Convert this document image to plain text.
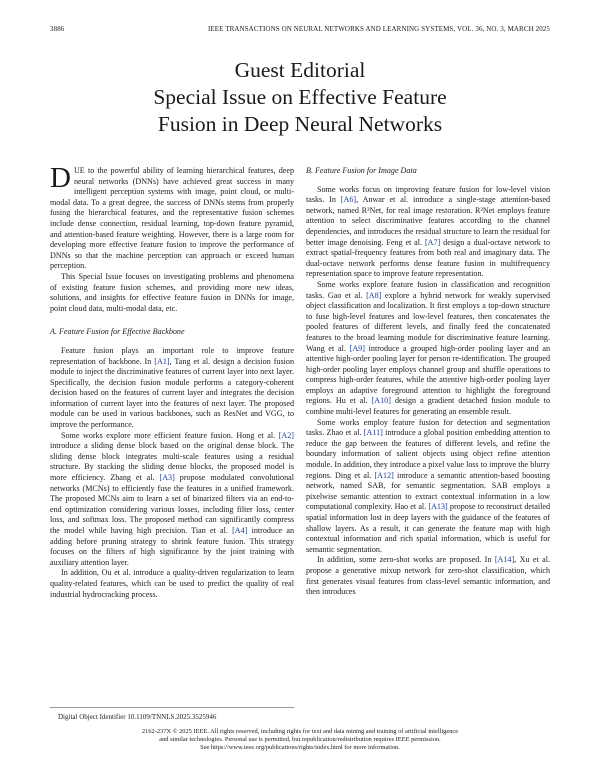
3886	IEEE TRANSACTIONS ON NEURAL NETWORKS AND LEARNING SYSTEMS, VOL. 36, NO. 3, MARCH 2025
Guest Editorial
Special Issue on Effective Feature
Fusion in Deep Neural Networks

DUE to the powerful ability of learning hierarchical features, deep neural networks (DNNs) have achieved great success in many intelligent perception systems with image, point cloud, or multi-modal data. To a great degree, the success of DNNs stems from properly fusing the hierarchical features, and the representative fusion schemes include dense connection, residual learning, top-down feature pyramid, and attention-based feature weighting. However, there is a large room for developing more effective feature fusion to improve the performance of DNNs so that the machine perception can approach or exceed human perception.

This Special Issue focuses on investigating problems and phenomena of existing feature fusion schemes, and providing more new ideas, solutions, and insights for effective feature fusion in DNNs for image, point cloud data, multi-modal data, etc.

A. Feature Fusion for Effective Backbone

Feature fusion plays an important role to improve feature representation of backbone. In [A1], Tang et al. design a decision fusion module to inject the discriminative features of current layer into next layer. Specifically, the decision fusion module performs a category-coherent decision based on the features of current layer and integrates the decision information of current layer into the features of next layer. The proposed module can be used in various backbones, such as ResNet and VGG, to improve the performance.

Some works explore more efficient feature fusion. Hong et al. [A2] introduce a sliding dense block based on the original dense block. The sliding dense block integrates multi-scale features using a residual structure. By stacking the sliding dense blocks, the proposed model is more efficiency. Zhang et al. [A3] propose modulated convolutional networks (MCNs) to efficiently fuse the features in a unified framework. The proposed MCNs aim to learn a set of binarized filters via an end-to-end optimization considering various losses, including filter loss, center loss, and softmax loss. The proposed method can significantly compress the model while having high precision. Tian et al. [A4] introduce an adding before pruning strategy to shrink feature fusion. This strategy focuses on the filters of high significance by the joint training with auxiliary attention layer.

In addition, Ou et al. introduce a quality-driven regularization to learn quality-related features, which can be used to predict the quality of real industrial hydrocracking process.

B. Feature Fusion for Image Data

Some works focus on improving feature fusion for low-level vision tasks. In [A6], Anwar et al. introduce a single-stage attention-based network, named R²Net, for real image restoration. R²Net employs feature attention to select discriminative features according to the channel dependencies, and introduces the residual structure to learn the residual for better image denoising. Feng et al. [A7] design a dual-octave network to extract spatial-frequency features from both real and imaginary data. The dual-octave network performs dense feature fusion in multifrequency representation space to improve feature representation.

Some works explore feature fusion in classification and recognition tasks. Gao et al. [A8] explore a hybrid network for weakly supervised object classification and localization. It first employs a top-down structure to fuse high-level features and low-level features, then concatenates the pooled features of different levels, and finally feed the concatenated features to the broad learning module for discriminative feature learning. Wang et al. [A9] introduce a grouped high-order pooling layer and an attentive high-order pooling layer for person re-identification. The grouped high-order pooling layer employs channel group and shuffle operations to compress high-order features, while the attentive high-order pooling layer employs an adaptive foreground attention to highlight the foreground regions. Hu et al. [A10] design a gradient detached fusion module to combine multi-level features for generating an ensemble result.

Some works employ feature fusion for detection and segmentation tasks. Zhao et al. [A11] introduce a global position embedding attention to reduce the gap between the features of different levels, and refine the boundary information of salient objects using object refine attention module. In addition, they introduce a pixel value loss to improve the blurry regions. Ding et al. [A12] introduce a semantic attention-based boosting network, named SAB, for semantic segmentation. SAB employs a pixelwise semantic attention to extract contextual information in a low computational complexity. Hao et al. [A13] propose to reconstruct detailed spatial information lost in deep layers with the guidance of the features of shallow layers. As a result, it can generate the feature map with high contextual information and rich spatial information, which is useful for semantic segmentation.

In addition, some zero-shot works are proposed. In [A14], Xu et al. propose a generative mixup network for zero-shot classification, which first generates visual features from class-level semantic information, and then introduces

Digital Object Identifier 10.1109/TNNLS.2025.3525946
2162-237X © 2025 IEEE. All rights reserved, including rights for text and data mining and training of artificial intelligence
and similar technologies. Personal use is permitted, but republication/redistribution requires IEEE permission.
See https://www.ieee.org/publications/rights/index.html for more information.
